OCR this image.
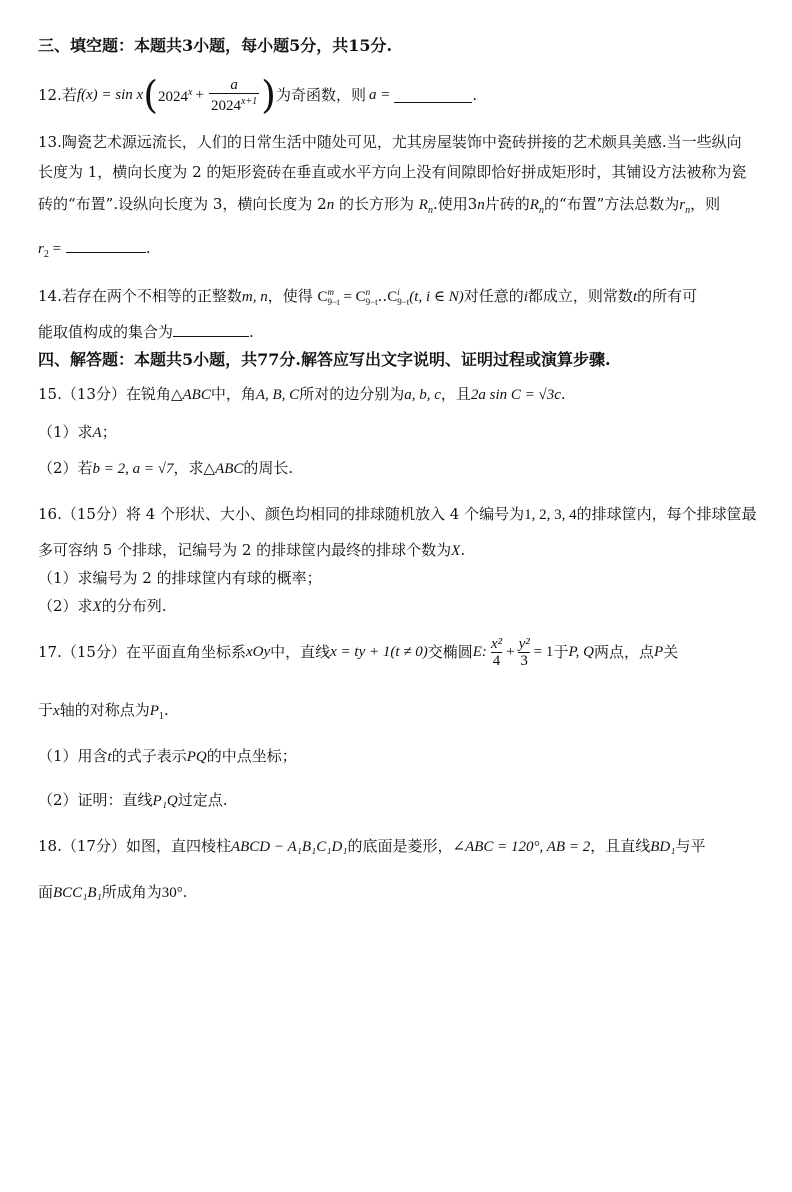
三、填空题：本题共3小题，每小题5分，共15分.
12.若 f(x) = sin x ( $2024^x + \frac{a}{2024^{x+1}}$ ) 为奇函数，则 a =	.
13.陶瓷艺术源远流长，人们的日常生活中随处可见，尤其房屋装饰中瓷砖拼接的艺术颇具美感.当一些纵向
长度为 1，横向长度为 2 的矩形瓷砖在垂直或水平方向上没有间隙即恰好拼成矩形时，其铺设方法被称为瓷
砖的“布置”.设纵向长度为 3，横向长度为 2n 的长方形为 $R_n$.使用3n片砖的$R_n$的“布置”方法总数为$r_n$，则
$r_2$ =	.
14.若存在两个不相等的正整数m, n，使得 C m
9−t = C n
9−t ..C i
9−t (t, i ∈ N)对任意的i都成立，则常数t的所有可
能取值构成的集合为	.
四、解答题：本题共5小题，共77分.解答应写出文字说明、证明过程或演算步骤.
15.（13分）在锐角△ABC中，角A, B, C所对的边分别为a, b, c，且2a sin C = √3c.
（1）求A；
（2）若b = 2, a = √7，求△ABC的周长.
16.（15分）将 4 个形状、大小、颜色均相同的排球随机放入 4 个编号为1, 2, 3, 4的排球筐内，每个排球筐最
多可容纳 5 个排球，记编号为 2 的排球筐内最终的排球个数为X.
（1）求编号为 2 的排球筐内有球的概率；
（2）求X的分布列.
17.（15分）在平面直角坐标系 xOy 中，直线 x = ty + 1(t ≠ 0) 交椭圆 E: $\frac{\text{x²}}{4} + \frac{\text{y²}}{3} = 1$ 于 P, Q 两点，点 P 关
于x轴的对称点为$P_1$.
（1）用含t的式子表示PQ的中点坐标；
（2）证明：直线P₁Q过定点.
18.（17分）如图，直四棱柱ABCD − A₁B₁C₁D₁的底面是菱形，∠ABC = 120°, AB = 2，且直线BD₁与平
面BCC₁B₁所成角为30°.
